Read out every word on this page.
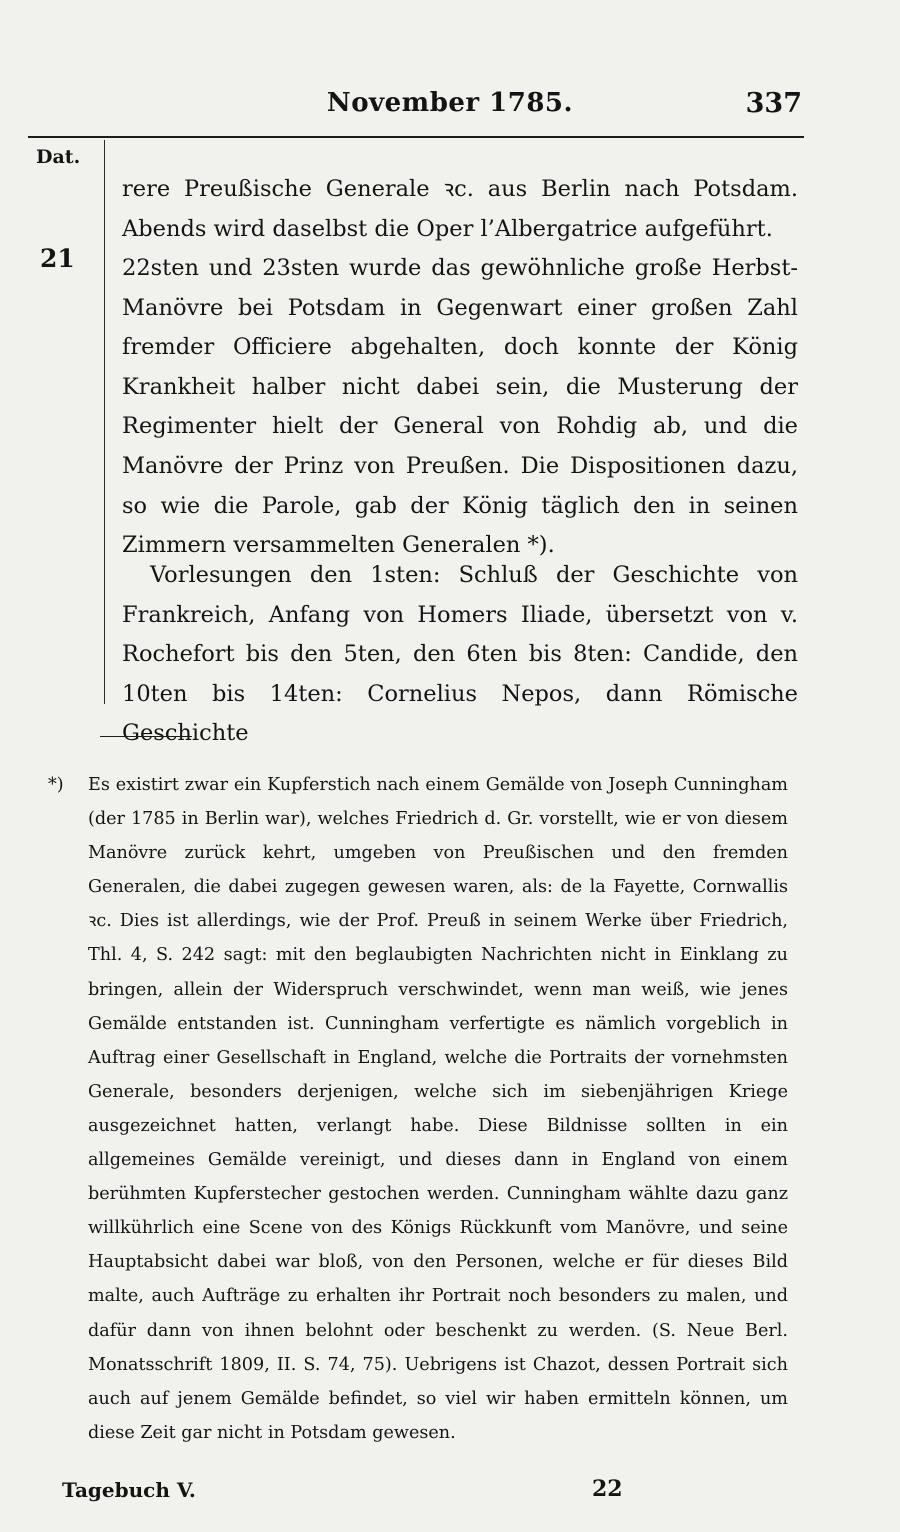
November 1785.	337
Dat.
21

rere Preußische Generale ꝛc. aus Berlin nach Potsdam. Abends wird daselbst die Oper l’Albergatrice aufgeführt.

22sten und 23sten wurde das gewöhnliche große Herbst-Manövre bei Potsdam in Gegenwart einer großen Zahl fremder Officiere abgehalten, doch konnte der König Krankheit halber nicht dabei sein, die Musterung der Regimenter hielt der General von Rohdig ab, und die Manövre der Prinz von Preußen. Die Dispositionen dazu, so wie die Parole, gab der König täglich den in seinen Zimmern versammelten Generalen *).

Vorlesungen den 1sten: Schluß der Geschichte von Frankreich, Anfang von Homers Iliade, übersetzt von v. Rochefort bis den 5ten, den 6ten bis 8ten: Candide, den 10ten bis 14ten: Cornelius Nepos, dann Römische Geschichte

*) Es existirt zwar ein Kupferstich nach einem Gemälde von Joseph Cunningham (der 1785 in Berlin war), welches Friedrich d. Gr. vorstellt, wie er von diesem Manövre zurück kehrt, umgeben von Preußischen und den fremden Generalen, die dabei zugegen gewesen waren, als: de la Fayette, Cornwallis ꝛc. Dies ist allerdings, wie der Prof. Preuß in seinem Werke über Friedrich, Thl. 4, S. 242 sagt: mit den beglaubigten Nachrichten nicht in Einklang zu bringen, allein der Widerspruch verschwindet, wenn man weiß, wie jenes Gemälde entstanden ist. Cunningham verfertigte es nämlich vorgeblich in Auftrag einer Gesellschaft in England, welche die Portraits der vornehmsten Generale, besonders derjenigen, welche sich im siebenjährigen Kriege ausgezeichnet hatten, verlangt habe. Diese Bildnisse sollten in ein allgemeines Gemälde vereinigt, und dieses dann in England von einem berühmten Kupferstecher gestochen werden. Cunningham wählte dazu ganz willkührlich eine Scene von des Königs Rückkunft vom Manövre, und seine Hauptabsicht dabei war bloß, von den Personen, welche er für dieses Bild malte, auch Aufträge zu erhalten ihr Portrait noch besonders zu malen, und dafür dann von ihnen belohnt oder beschenkt zu werden. (S. Neue Berl. Monatsschrift 1809, II. S. 74, 75). Uebrigens ist Chazot, dessen Portrait sich auch auf jenem Gemälde befindet, so viel wir haben ermitteln können, um diese Zeit gar nicht in Potsdam gewesen.
Tagebuch V.	22
